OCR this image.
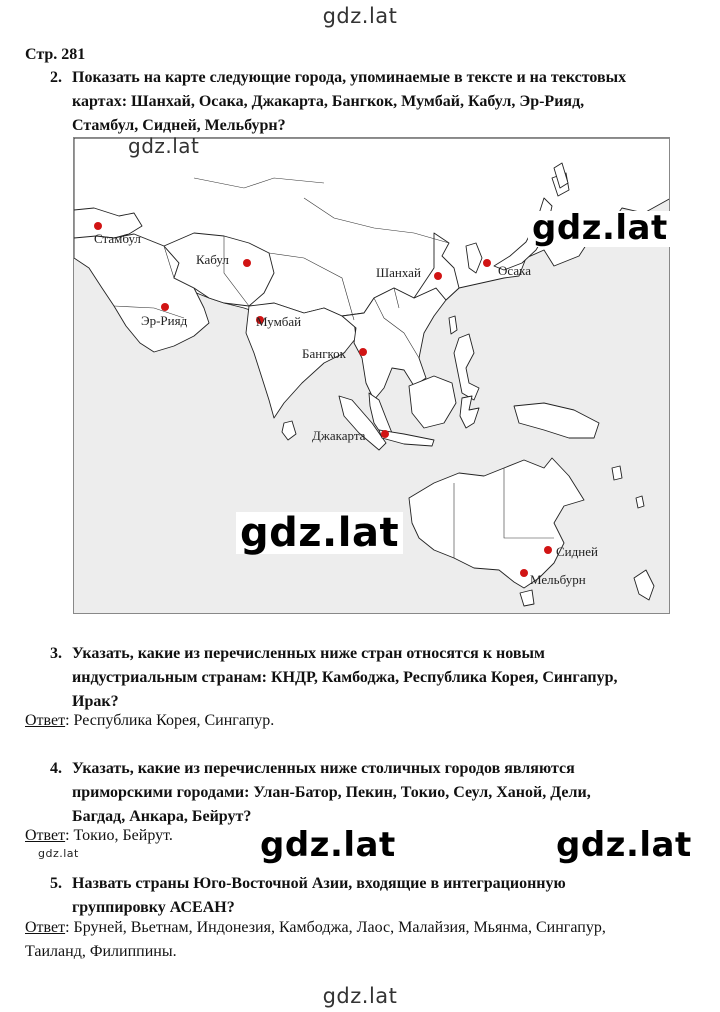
gdz.lat
Стр. 281
2. Показать на карте следующие города, упоминаемые в тексте и на текстовых
картах: Шанхай, Осака, Джакарта, Бангкок, Мумбай, Кабул, Эр-Рияд,
Стамбул, Сидней, Мельбурн?
Стамбул
Кабул
Шанхай	Осака
Эр-Рияд	Мумбай
Бангкок
Джакарта
Сидней
Мельбурн
gdz.lat
gdz.lat
gdz.lat
3. Указать, какие из перечисленных ниже стран относятся к новым
индустриальным странам: КНДР, Камбоджа, Республика Корея, Сингапур,
Ирак?
Ответ: Республика Корея, Сингапур.
4. Указать, какие из перечисленных ниже столичных городов являются
приморскими городами: Улан-Батор, Пекин, Токио, Сеул, Ханой, Дели,
Багдад, Анкара, Бейрут?
Ответ: Токио, Бейрут.
gdz.lat	gdz.lat	gdz.lat
5. Назвать страны Юго-Восточной Азии, входящие в интеграционную
группировку АСЕАН?
Ответ: Бруней, Вьетнам, Индонезия, Камбоджа, Лаос, Малайзия, Мьянма, Сингапур,
Таиланд, Филиппины.
gdz.lat
